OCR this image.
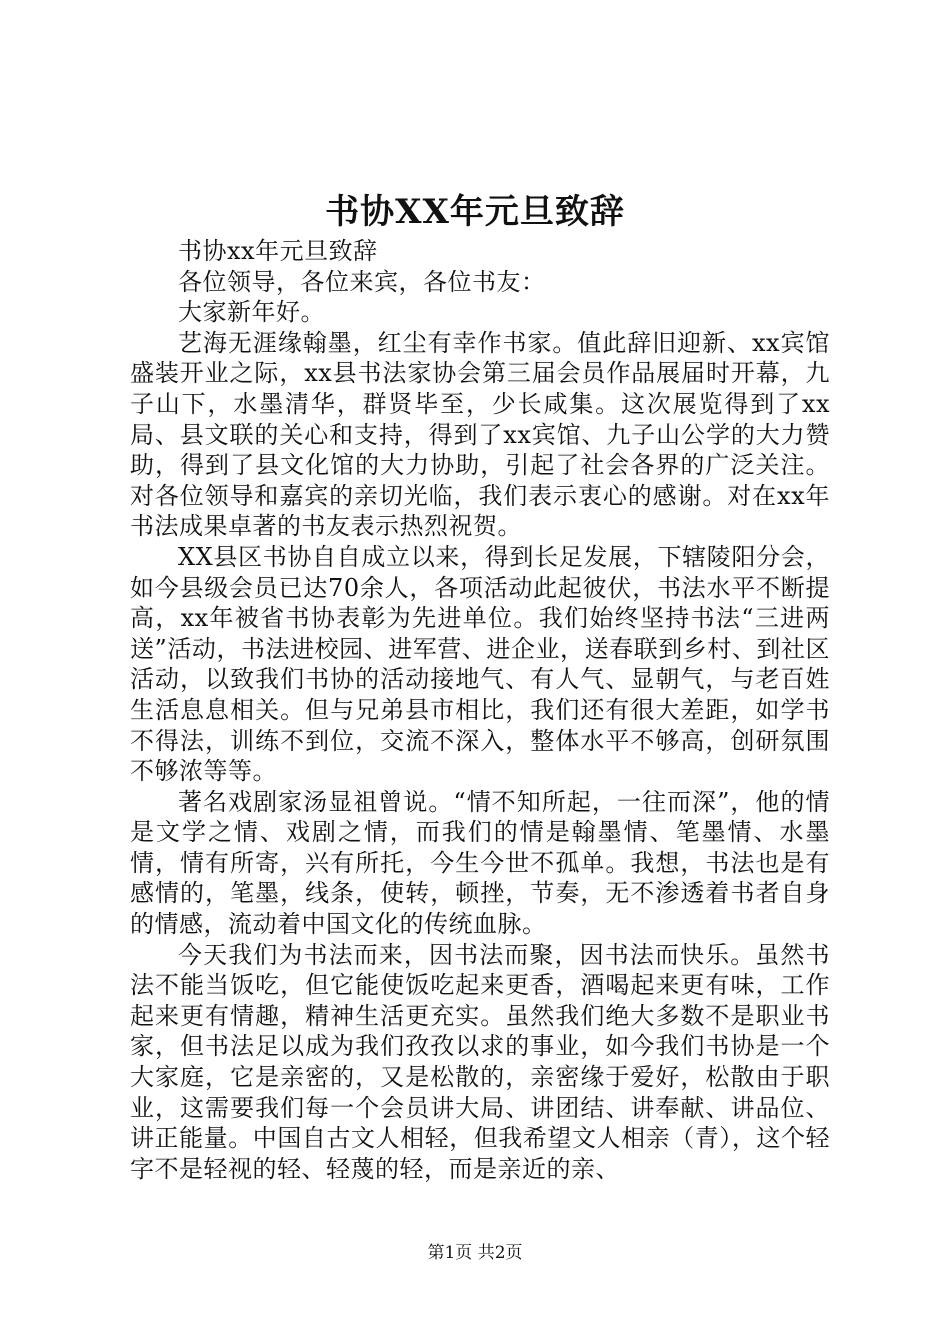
书协XX年元旦致辞

书协xx年元旦致辞

各位领导，各位来宾，各位书友：

大家新年好。

艺海无涯缘翰墨，红尘有幸作书家。值此辞旧迎新、xx宾馆盛装开业之际，xx县书法家协会第三届会员作品展届时开幕，九子山下，水墨清华，群贤毕至，少长咸集。这次展览得到了xx局、县文联的关心和支持，得到了xx宾馆、九子山公学的大力赞助，得到了县文化馆的大力协助，引起了社会各界的广泛关注。对各位领导和嘉宾的亲切光临，我们表示衷心的感谢。对在xx年书法成果卓著的书友表示热烈祝贺。

XX县区书协自自成立以来，得到长足发展，下辖陵阳分会，如今县级会员已达70余人，各项活动此起彼伏，书法水平不断提高，xx年被省书协表彰为先进单位。我们始终坚持书法“三进两送”活动，书法进校园、进军营、进企业，送春联到乡村、到社区活动，以致我们书协的活动接地气、有人气、显朝气，与老百姓生活息息相关。但与兄弟县市相比，我们还有很大差距，如学书不得法，训练不到位，交流不深入，整体水平不够高，创研氛围不够浓等等。

著名戏剧家汤显祖曾说。“情不知所起，一往而深”，他的情是文学之情、戏剧之情，而我们的情是翰墨情、笔墨情、水墨情，情有所寄，兴有所托，今生今世不孤单。我想，书法也是有感情的，笔墨，线条，使转，顿挫，节奏，无不渗透着书者自身的情感，流动着中国文化的传统血脉。

今天我们为书法而来，因书法而聚，因书法而快乐。虽然书法不能当饭吃，但它能使饭吃起来更香，酒喝起来更有味，工作起来更有情趣，精神生活更充实。虽然我们绝大多数不是职业书家，但书法足以成为我们孜孜以求的事业，如今我们书协是一个大家庭，它是亲密的，又是松散的，亲密缘于爱好，松散由于职业，这需要我们每一个会员讲大局、讲团结、讲奉献、讲品位、讲正能量。中国自古文人相轻，但我希望文人相亲（青），这个轻字不是轻视的轻、轻蔑的轻，而是亲近的亲、

第1页 共2页
